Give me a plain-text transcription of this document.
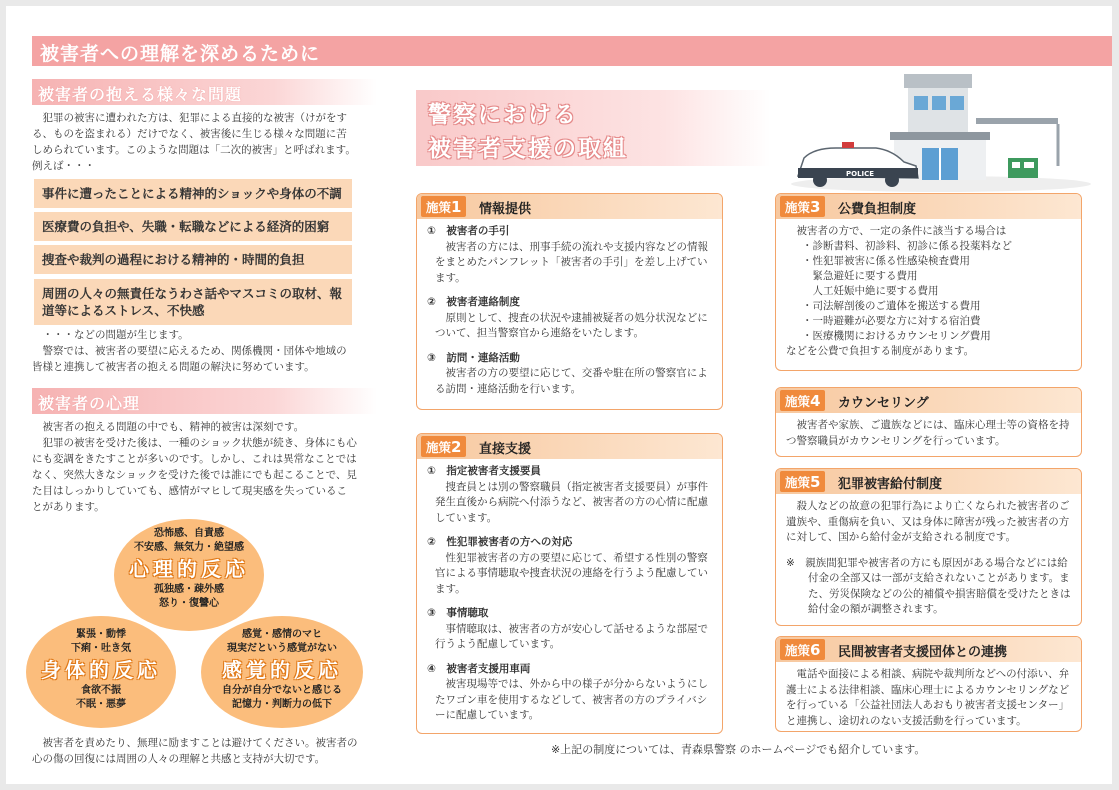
被害者への理解を深めるために
被害者の抱える様々な問題

犯罪の被害に遭われた方は、犯罪による直接的な被害（けがをする、ものを盗まれる）だけでなく、被害後に生じる様々な問題に苦しめられています。このような問題は「二次的被害」と呼ばれます。

例えば・・・
事件に遭ったことによる精神的ショックや身体の不調
医療費の負担や、失職・転職などによる経済的困窮
捜査や裁判の過程における精神的・時間的負担
周囲の人々の無責任なうわさ話やマスコミの取材、報道等によるストレス、不快感

・・・などの問題が生じます。

警察では、被害者の要望に応えるため、関係機関・団体や地域の皆様と連携して被害者の抱える問題の解決に努めています。

被害者の心理

被害者の抱える問題の中でも、精神的被害は深刻です。

犯罪の被害を受けた後は、一種のショック状態が続き、身体にも心にも変調をきたすことが多いのです。しかし、これは異常なことではなく、突然大きなショックを受けた後では誰にでも起こることで、見た目はしっかりしていても、感情がマヒして現実感を失っていることがあります。

恐怖感、自責感
不安感、無気力・絶望感
心理的反応
孤独感・疎外感
怒り・復讐心
緊張・動悸
下痢・吐き気
身体的反応
食欲不振
不眠・悪夢
感覚・感情のマヒ
現実だという感覚がない
感覚的反応
自分が自分でないと感じる
記憶力・判断力の低下

被害者を責めたり、無理に励ますことは避けてください。被害者の心の傷の回復には周囲の人々の理解と共感と支持が大切です。

警察における
被害者支援の取組
POLICE
施策1	情報提供
①　被害者の手引
被害者の方には、刑事手続の流れや支援内容などの情報をまとめたパンフレット「被害者の手引」を差し上げています。
②　被害者連絡制度
原則として、捜査の状況や逮捕被疑者の処分状況などについて、担当警察官から連絡をいたします。
③　訪問・連絡活動
被害者の方の要望に応じて、交番や駐在所の警察官による訪問・連絡活動を行います。
施策2	直接支援
①　指定被害者支援要員
捜査員とは別の警察職員（指定被害者支援要員）が事件発生直後から病院へ付添うなど、被害者の方の心情に配慮しています。
②　性犯罪被害者の方への対応
性犯罪被害者の方の要望に応じて、希望する性別の警察官による事情聴取や捜査状況の連絡を行うよう配慮しています。
③　事情聴取
事情聴取は、被害者の方が安心して話せるような部屋で行うよう配慮しています。
④　被害者支援用車両
被害現場等では、外から中の様子が分からないようにしたワゴン車を使用するなどして、被害者の方のプライバシーに配慮しています。
施策3	公費負担制度

被害者の方で、一定の条件に該当する場合は

・診断書料、初診料、初診に係る投薬料など
・性犯罪被害に係る性感染検査費用
　緊急避妊に要する費用
　人工妊娠中絶に要する費用
・司法解剖後のご遺体を搬送する費用
・一時避難が必要な方に対する宿泊費
・医療機関におけるカウンセリング費用
などを公費で負担する制度があります。
施策4	カウンセリング

被害者や家族、ご遺族などには、臨床心理士等の資格を持つ警察職員がカウンセリングを行っています。

施策5	犯罪被害給付制度

殺人などの故意の犯罪行為により亡くなられた被害者のご遺族や、重傷病を負い、又は身体に障害が残った被害者の方に対して、国から給付金が支給される制度です。

※　親族間犯罪や被害者の方にも原因がある場合などには給付金の全部又は一部が支給されないことがあります。また、労災保険などの公的補償や損害賠償を受けたときは給付金の額が調整されます。

施策6	民間被害者支援団体との連携

電話や面接による相談、病院や裁判所などへの付添い、弁護士による法律相談、臨床心理士によるカウンセリングなどを行っている「公益社団法人あおもり被害者支援センター」と連携し、途切れのない支援活動を行っています。

※上記の制度については、青森県警察 のホームページでも紹介しています。
